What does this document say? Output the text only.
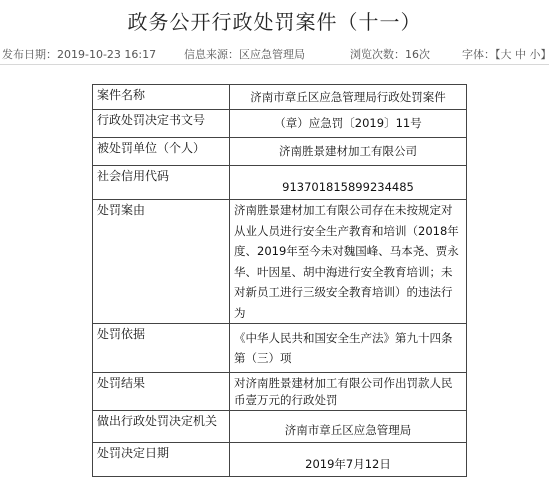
政务公开行政处罚案件（十一）
发布日期：2019-10-23 16:17	信息来源：区应急管理局	浏览次数：16次	字体：【大 中 小】
案件名称	济南市章丘区应急管理局行政处罚案件
行政处罚决定书文号	（章）应急罚〔2019〕11号
被处罚单位（个人）	济南胜景建材加工有限公司
社会信用代码	913701815899234485
处罚案由	济南胜景建材加工有限公司存在未按规定对从业人员进行安全生产教育和培训（2018年度、2019年至今未对魏国峰、马本尧、贾永华、叶因星、胡中海进行安全教育培训；未对新员工进行三级安全教育培训）的违法行为
处罚依据	《中华人民共和国安全生产法》第九十四条第（三）项
处罚结果	对济南胜景建材加工有限公司作出罚款人民币壹万元的行政处罚
做出行政处罚决定机关	济南市章丘区应急管理局
处罚决定日期	2019年7月12日
